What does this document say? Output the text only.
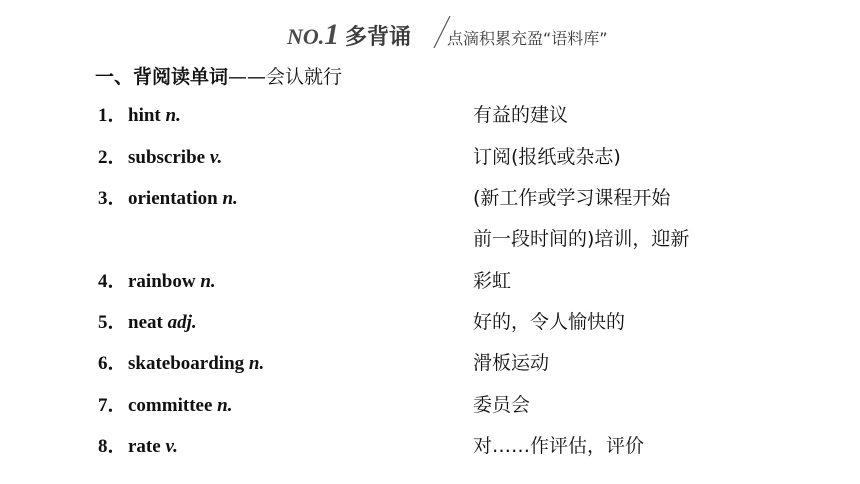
NO.1 多背诵 点滴积累充盈“语料库”
一、背阅读单词——会认就行
1．hint n.	有益的建议
2．subscribe v.	订阅(报纸或杂志)
3．orientation n.	(新工作或学习课程开始
前一段时间的)培训，迎新
4．rainbow n.	彩虹
5．neat adj.	好的，令人愉快的
6．skateboarding n.	滑板运动
7．committee n.	委员会
8．rate v.	对……作评估，评价
